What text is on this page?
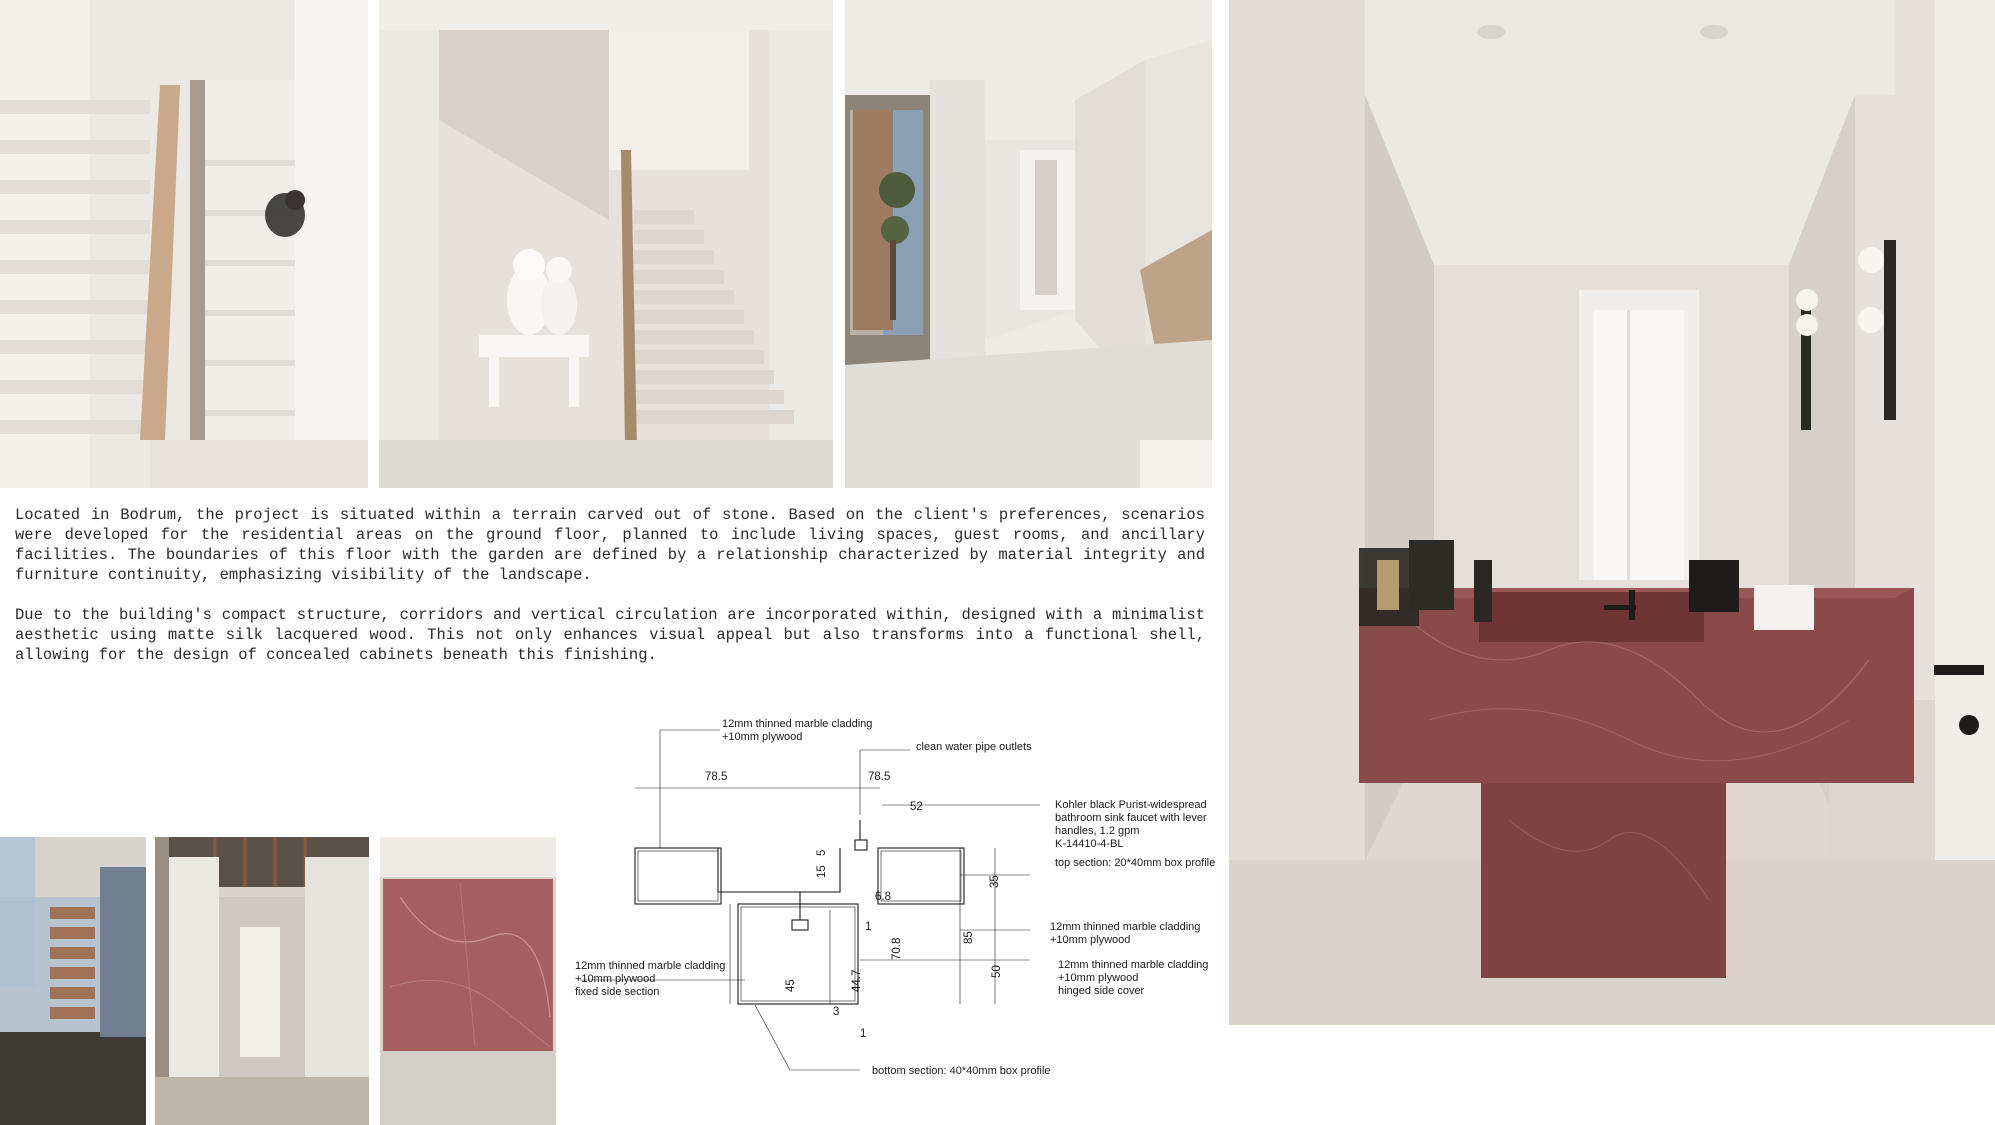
Located in Bodrum, the project is situated within a terrain carved out of stone. Based on the client's preferences, scenarios were developed for the residential areas on the ground floor, planned to include living spaces, guest rooms, and ancillary facilities. The boundaries of this floor with the garden are defined by a relationship characterized by material integrity and furniture continuity, emphasizing visibility of the landscape.

Due to the building's compact structure, corridors and vertical circulation are incorporated within, designed with a minimalist aesthetic using matte silk lacquered wood. This not only enhances visual appeal but also transforms into a functional shell, allowing for the design of concealed cabinets beneath this finishing.

12mm thinned marble cladding
+10mm plywood
clean water pipe outlets
78.5	78.5
52	Kohler black Purist-widespread
bathroom sink faucet with lever
handles, 1.2 gpm
K-14410-4-BL
top section: 20*40mm box profile
15
5
35
6.8
1	12mm thinned marble cladding
+10mm plywood
85
70.8
12mm thinned marble cladding
+10mm plywood
fixed side section	44.7
45
50
12mm thinned marble cladding
+10mm plywood
hinged side cover
3
1
bottom section: 40*40mm box profile
